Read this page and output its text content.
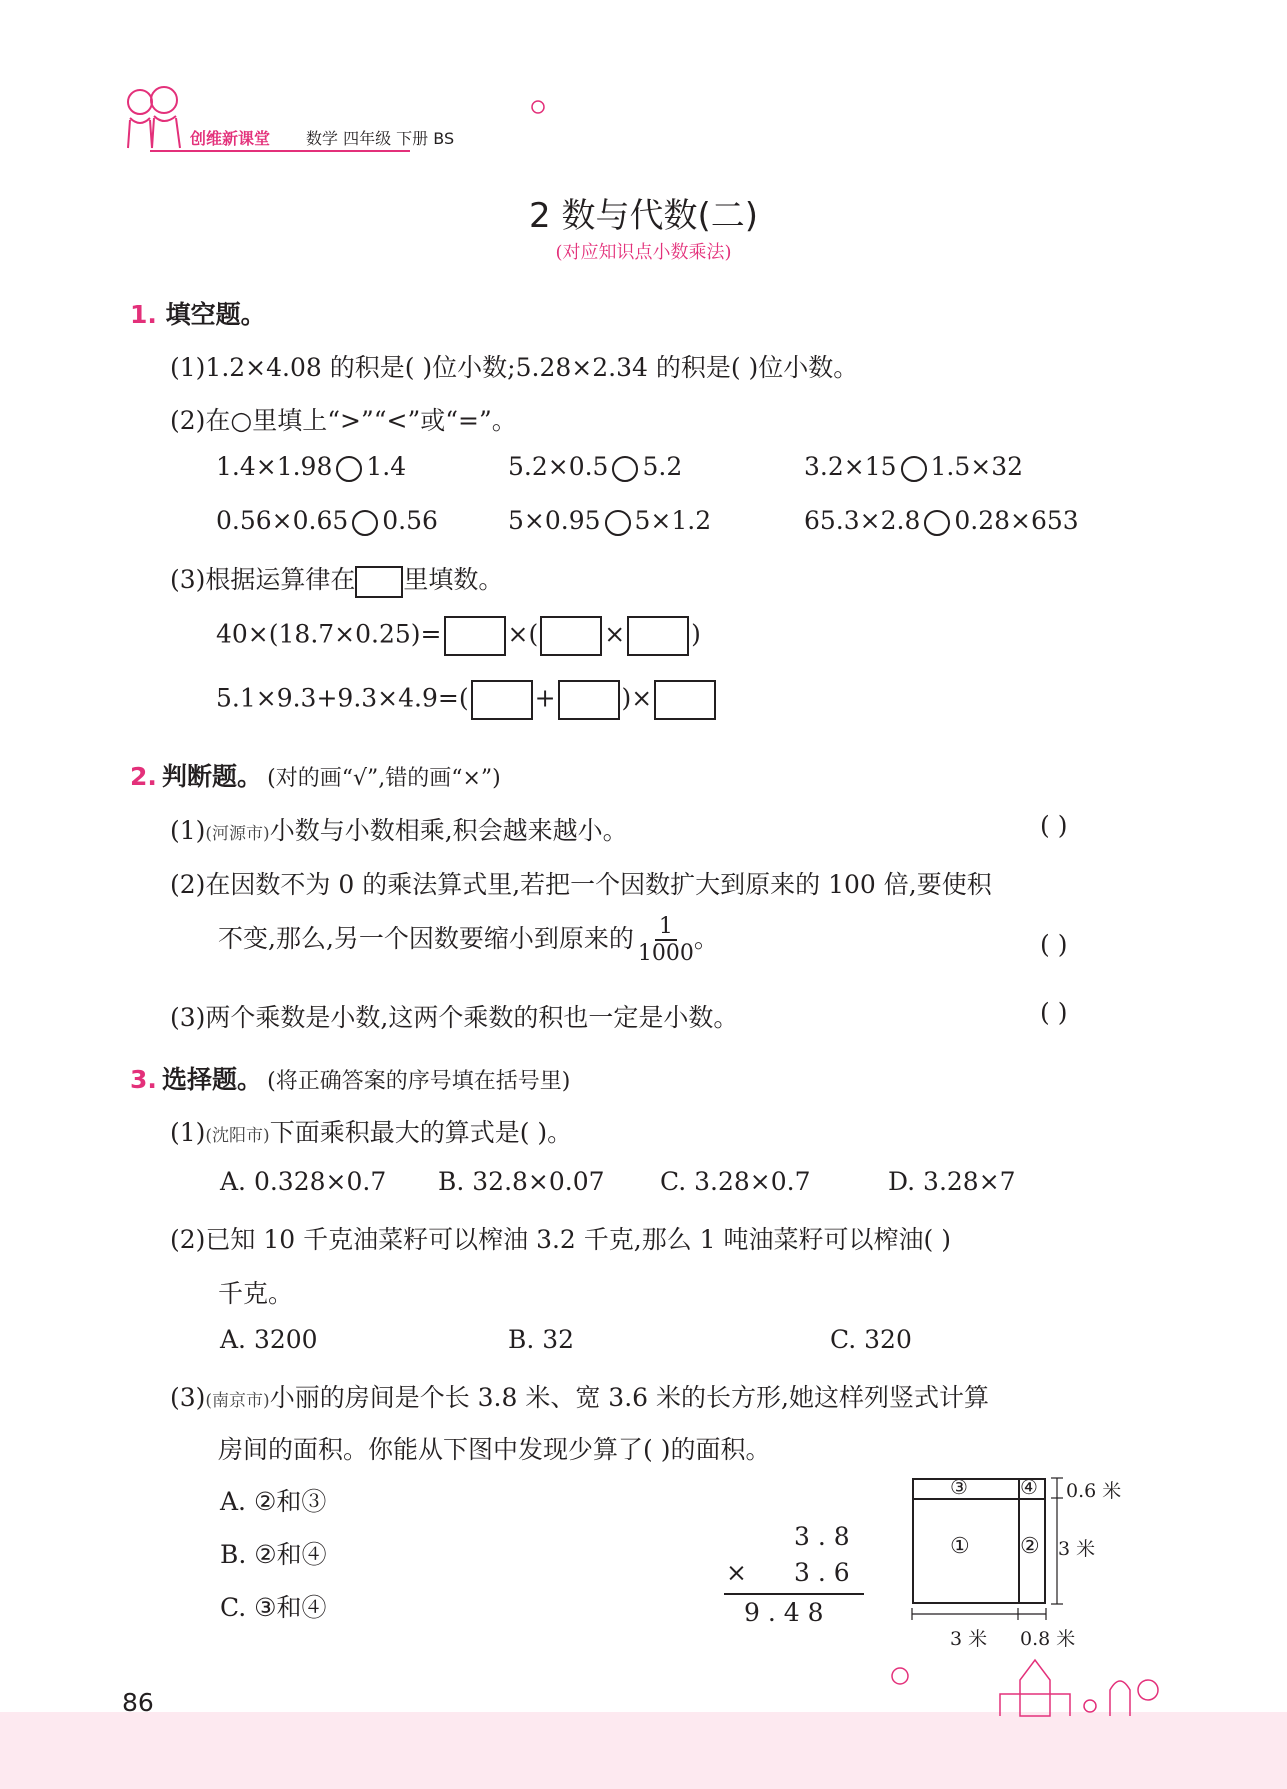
创维新课堂 数学 四年级 下册 BS
2 数与代数(二)
(对应知识点小数乘法)
1. 填空题。
(1)1.2×4.08 的积是( )位小数;5.28×2.34 的积是( )位小数。
(2)在○里填上“>”“<”或“=”。
1.4×1.98 1.4	5.2×0.5 5.2	3.2×15 1.5×32
0.56×0.65 0.56	5×0.95 5×1.2	65.3×2.8 0.28×653
(3)根据运算律在 里填数。
40×(18.7×0.25)=	×(	×	)
5.1×9.3+9.3×4.9=(	+	)×
2. 判断题。 (对的画“√”,错的画“×”)
(1)(河源市)小数与小数相乘,积会越来越小。	( )
(2)在因数不为 0 的乘法算式里,若把一个因数扩大到原来的 100 倍,要使积
不变,那么,另一个因数要缩小到原来的 $\frac{1}{1000}$ 。	( )
(3)两个乘数是小数,这两个乘数的积也一定是小数。	( )
3. 选择题。 (将正确答案的序号填在括号里)
(1)(沈阳市)下面乘积最大的算式是( )。
A. 0.328×0.7 B. 32.8×0.07 C. 3.28×0.7	D. 3.28×7
(2)已知 10 千克油菜籽可以榨油 3.2 千克,那么 1 吨油菜籽可以榨油( )
千克。
A. 3200	B. 32	C. 320
(3)(南京市)小丽的房间是个长 3.8 米、宽 3.6 米的长方形,她这样列竖式计算
房间的面积。你能从下图中发现少算了( )的面积。
A. ②和③
B. ②和④
C. ③和④
3 . 8
× 3 . 6
9 . 4 8
③	④
① ②
0.6 米
3 米
3 米 0.8 米
86
